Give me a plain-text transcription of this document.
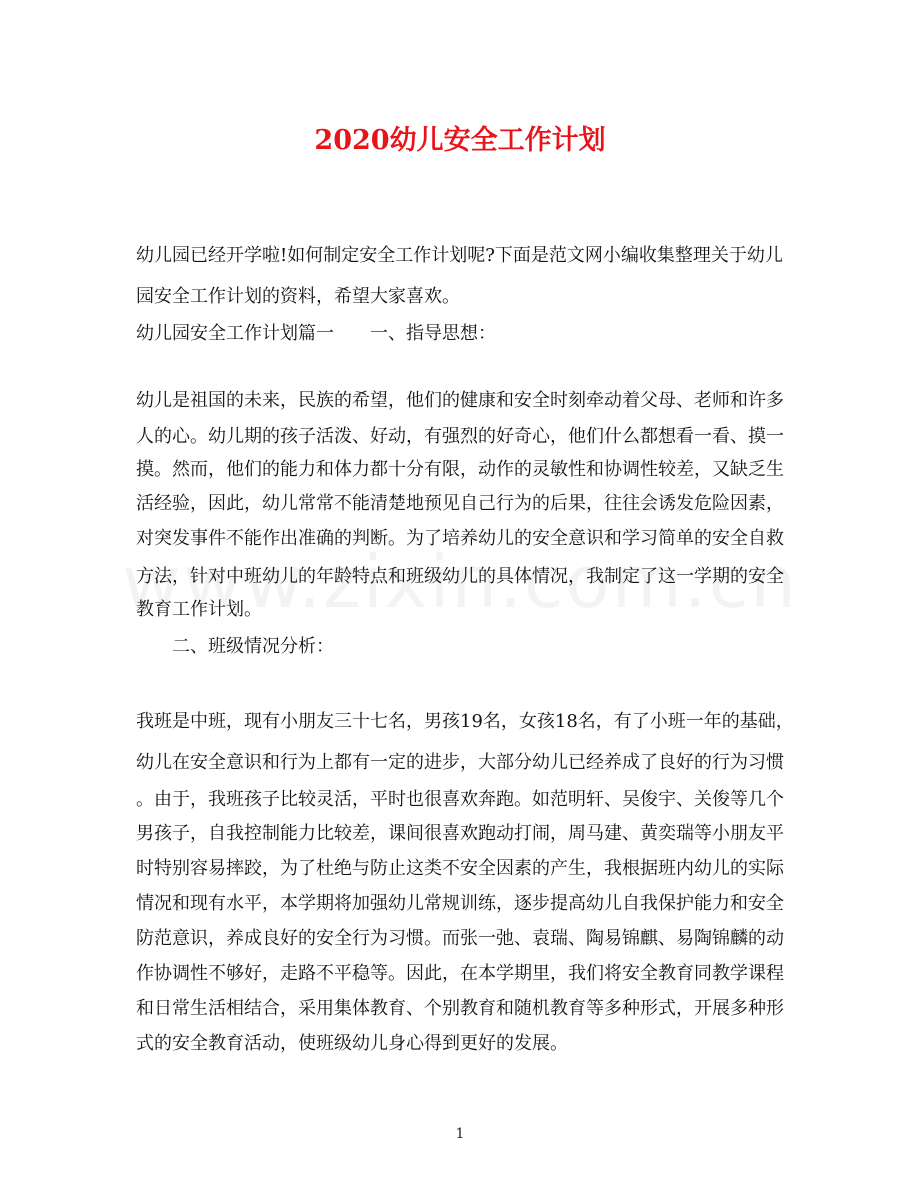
2020幼儿安全工作计划
幼儿园已经开学啦!如何制定安全工作计划呢?下面是范文网小编收集整理关于幼儿
园安全工作计划的资料，希望大家喜欢。
幼儿园安全工作计划篇一　　一、指导思想：
幼儿是祖国的未来，民族的希望，他们的健康和安全时刻牵动着父母、老师和许多
人的心。幼儿期的孩子活泼、好动，有强烈的好奇心，他们什么都想看一看、摸一
摸。然而，他们的能力和体力都十分有限，动作的灵敏性和协调性较差，又缺乏生
活经验，因此，幼儿常常不能清楚地预见自己行为的后果，往往会诱发危险因素，
对突发事件不能作出准确的判断。为了培养幼儿的安全意识和学习简单的安全自救
方法，针对中班幼儿的年龄特点和班级幼儿的具体情况，我制定了这一学期的安全
教育工作计划。
　　二、班级情况分析：
我班是中班，现有小朋友三十七名，男孩19名，女孩18名，有了小班一年的基础，
幼儿在安全意识和行为上都有一定的进步，大部分幼儿已经养成了良好的行为习惯
。由于，我班孩子比较灵活，平时也很喜欢奔跑。如范明轩、吴俊宇、关俊等几个
男孩子，自我控制能力比较差，课间很喜欢跑动打闹，周马建、黄奕瑞等小朋友平
时特别容易摔跤，为了杜绝与防止这类不安全因素的产生，我根据班内幼儿的实际
情况和现有水平，本学期将加强幼儿常规训练，逐步提高幼儿自我保护能力和安全
防范意识，养成良好的安全行为习惯。而张一弛、袁瑞、陶易锦麒、易陶锦麟的动
作协调性不够好，走路不平稳等。因此，在本学期里，我们将安全教育同教学课程
和日常生活相结合，采用集体教育、个别教育和随机教育等多种形式，开展多种形
式的安全教育活动，使班级幼儿身心得到更好的发展。
1
